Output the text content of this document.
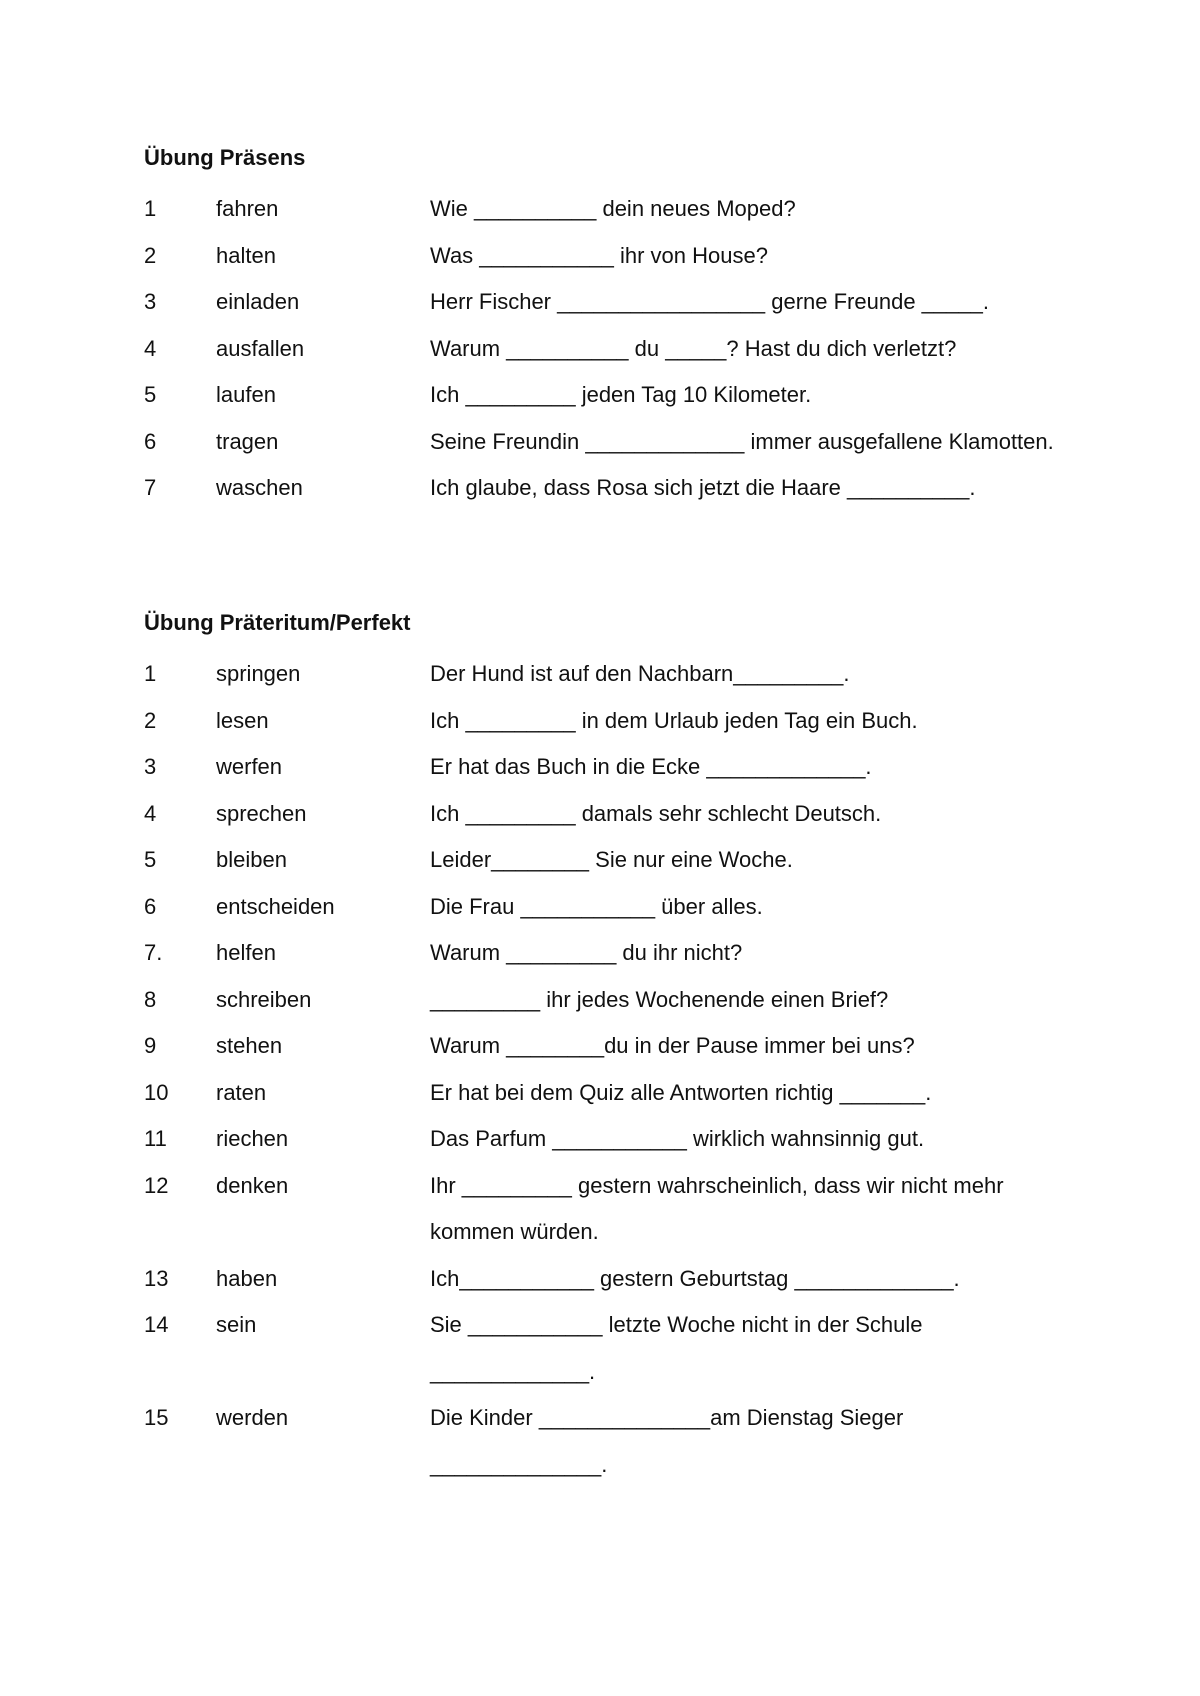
Übung Präsens
1	fahren	Wie __________ dein neues Moped?
2	halten	Was ___________ ihr von House?
3	einladen	Herr Fischer _________________ gerne Freunde _____.
4	ausfallen	Warum __________ du _____? Hast du dich verletzt?
5	laufen	Ich _________ jeden Tag 10 Kilometer.
6	tragen	Seine Freundin _____________ immer ausgefallene Klamotten.
7	waschen	Ich glaube, dass Rosa sich jetzt die Haare __________.
Übung Präteritum/Perfekt
1	springen	Der Hund ist auf den Nachbarn_________.
2	lesen	Ich _________ in dem Urlaub jeden Tag ein Buch.
3	werfen	Er hat das Buch in die Ecke _____________.
4	sprechen	Ich _________ damals sehr schlecht Deutsch.
5	bleiben	Leider________ Sie nur eine Woche.
6	entscheiden	Die Frau ___________ über alles.
7.	helfen	Warum _________ du ihr nicht?
8	schreiben	_________ ihr jedes Wochenende einen Brief?
9	stehen	Warum ________du in der Pause immer bei uns?
10	raten	Er hat bei dem Quiz alle Antworten richtig _______.
11	riechen	Das Parfum ___________ wirklich wahnsinnig gut.
12	denken	Ihr _________ gestern wahrscheinlich, dass wir nicht mehr kommen würden.
13	haben	Ich___________ gestern Geburtstag _____________.
14	sein	Sie ___________ letzte Woche nicht in der Schule _____________.
15	werden	Die Kinder ______________am Dienstag Sieger ______________.
